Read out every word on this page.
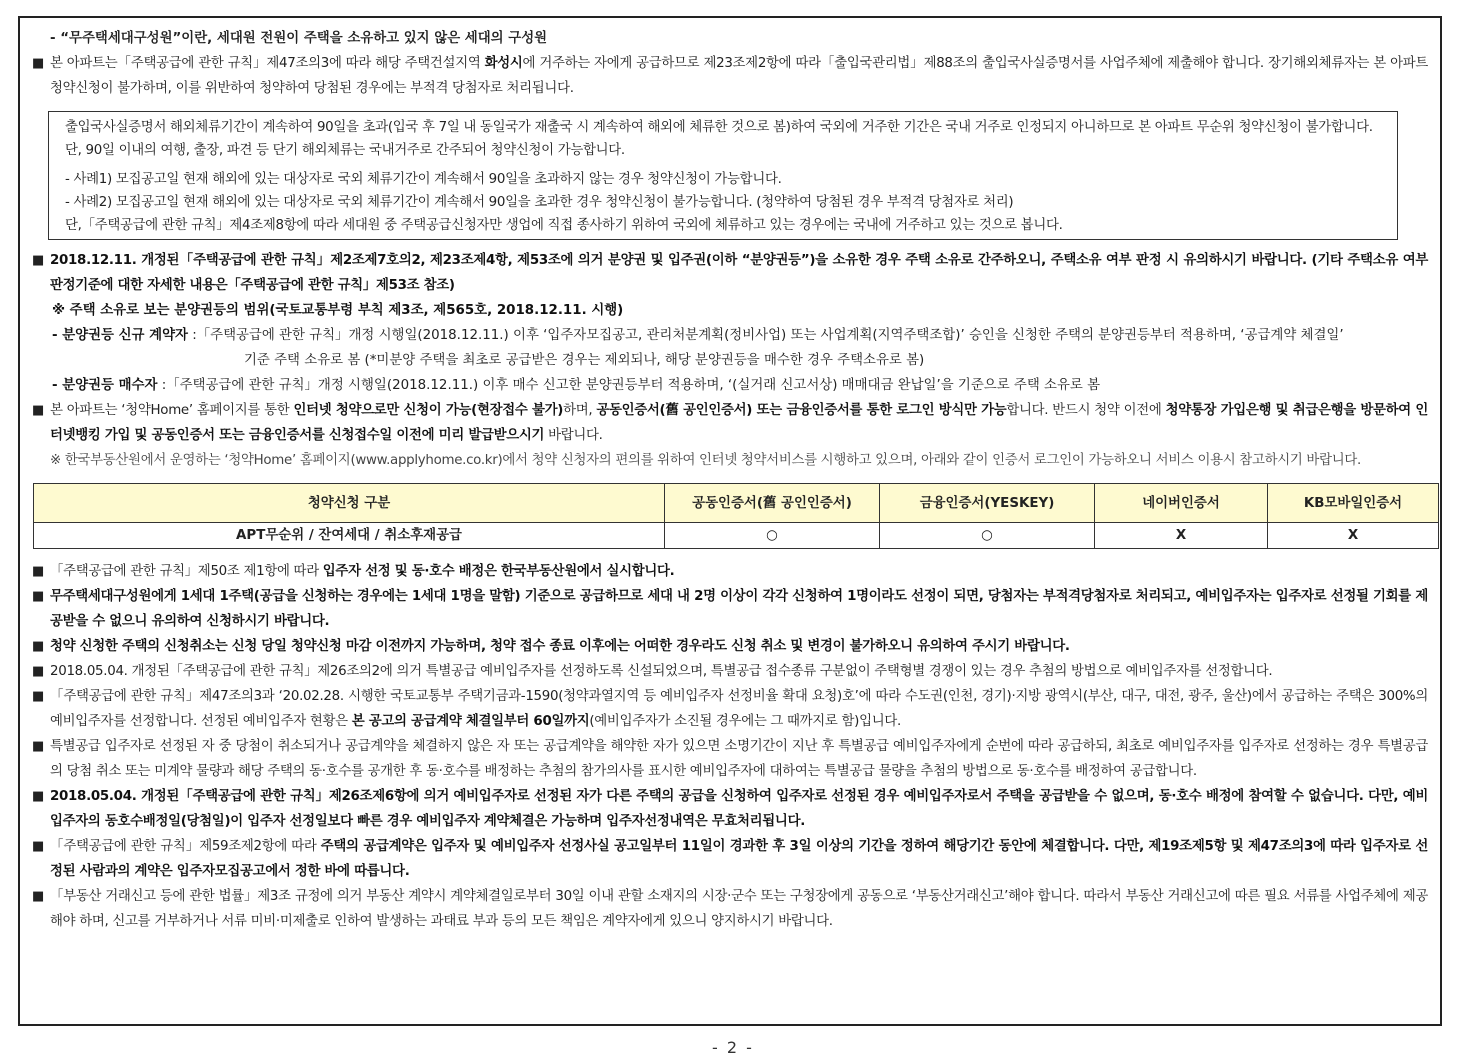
- “무주택세대구성원”이란, 세대원 전원이 주택을 소유하고 있지 않은 세대의 구성원
■ 본 아파트는「주택공급에 관한 규칙」제47조의3에 따라 해당 주택건설지역 화성시에 거주하는 자에게 공급하므로 제23조제2항에 따라「출입국관리법」제88조의 출입국사실증명서를 사업주체에 제출해야 합니다. 장기해외체류자는 본 아파트 청약신청이 불가하며, 이를 위반하여 청약하여 당첨된 경우에는 부적격 당첨자로 처리됩니다.
출입국사실증명서 해외체류기간이 계속하여 90일을 초과(입국 후 7일 내 동일국가 재출국 시 계속하여 해외에 체류한 것으로 봄)하여 국외에 거주한 기간은 국내 거주로 인정되지 아니하므로 본 아파트 무순위 청약신청이 불가합니다. 단, 90일 이내의 여행, 출장, 파견 등 단기 해외체류는 국내거주로 간주되어 청약신청이 가능합니다.
- 사례1) 모집공고일 현재 해외에 있는 대상자로 국외 체류기간이 계속해서 90일을 초과하지 않는 경우 청약신청이 가능합니다.
- 사례2) 모집공고일 현재 해외에 있는 대상자로 국외 체류기간이 계속해서 90일을 초과한 경우 청약신청이 불가능합니다. (청약하여 당첨된 경우 부적격 당첨자로 처리)
단,「주택공급에 관한 규칙」제4조제8항에 따라 세대원 중 주택공급신청자만 생업에 직접 종사하기 위하여 국외에 체류하고 있는 경우에는 국내에 거주하고 있는 것으로 봅니다.
■ 2018.12.11. 개정된「주택공급에 관한 규칙」제2조제7호의2, 제23조제4항, 제53조에 의거 분양권 및 입주권(이하 “분양권등”)을 소유한 경우 주택 소유로 간주하오니, 주택소유 여부 판정 시 유의하시기 바랍니다. (기타 주택소유 여부 판정기준에 대한 자세한 내용은「주택공급에 관한 규칙」제53조 참조)
※ 주택 소유로 보는 분양권등의 범위(국토교통부령 부칙 제3조, 제565호, 2018.12.11. 시행)
- 분양권등 신규 계약자 :「주택공급에 관한 규칙」개정 시행일(2018.12.11.) 이후 ‘입주자모집공고, 관리처분계획(정비사업) 또는 사업계획(지역주택조합)’ 승인을 신청한 주택의 분양권등부터 적용하며, ‘공급계약 체결일’
기준 주택 소유로 봄 (*미분양 주택을 최초로 공급받은 경우는 제외되나, 해당 분양권등을 매수한 경우 주택소유로 봄)
- 분양권등 매수자 :「주택공급에 관한 규칙」개정 시행일(2018.12.11.) 이후 매수 신고한 분양권등부터 적용하며, ‘(실거래 신고서상) 매매대금 완납일’을 기준으로 주택 소유로 봄
■ 본 아파트는 ‘청약Home’ 홈페이지를 통한 인터넷 청약으로만 신청이 가능(현장접수 불가)하며, 공동인증서(舊 공인인증서) 또는 금융인증서를 통한 로그인 방식만 가능합니다. 반드시 청약 이전에 청약통장 가입은행 및 취급은행을 방문하여 인터넷뱅킹 가입 및 공동인증서 또는 금융인증서를 신청접수일 이전에 미리 발급받으시기 바랍니다.
※ 한국부동산원에서 운영하는 ‘청약Home’ 홈페이지(www.applyhome.co.kr)에서 청약 신청자의 편의를 위하여 인터넷 청약서비스를 시행하고 있으며, 아래와 같이 인증서 로그인이 가능하오니 서비스 이용시 참고하시기 바랍니다.
청약신청 구분	공동인증서(舊 공인인증서)	금융인증서(YESKEY)	네이버인증서	KB모바일인증서
APT무순위 / 잔여세대 / 취소후재공급	○	○	X	X
■ 「주택공급에 관한 규칙」제50조 제1항에 따라 입주자 선정 및 동·호수 배정은 한국부동산원에서 실시합니다.
■ 무주택세대구성원에게 1세대 1주택(공급을 신청하는 경우에는 1세대 1명을 말함) 기준으로 공급하므로 세대 내 2명 이상이 각각 신청하여 1명이라도 선정이 되면, 당첨자는 부적격당첨자로 처리되고, 예비입주자는 입주자로 선정될 기회를 제공받을 수 없으니 유의하여 신청하시기 바랍니다.
■ 청약 신청한 주택의 신청취소는 신청 당일 청약신청 마감 이전까지 가능하며, 청약 접수 종료 이후에는 어떠한 경우라도 신청 취소 및 변경이 불가하오니 유의하여 주시기 바랍니다.
■ 2018.05.04. 개정된「주택공급에 관한 규칙」제26조의2에 의거 특별공급 예비입주자를 선정하도록 신설되었으며, 특별공급 접수종류 구분없이 주택형별 경쟁이 있는 경우 추첨의 방법으로 예비입주자를 선정합니다.
■ 「주택공급에 관한 규칙」제47조의3과 ‘20.02.28. 시행한 국토교통부 주택기금과-1590(청약과열지역 등 예비입주자 선정비율 확대 요청)호’에 따라 수도권(인천, 경기)·지방 광역시(부산, 대구, 대전, 광주, 울산)에서 공급하는 주택은 300%의 예비입주자를 선정합니다. 선정된 예비입주자 현황은 본 공고의 공급계약 체결일부터 60일까지(예비입주자가 소진될 경우에는 그 때까지로 함)입니다.
■ 특별공급 입주자로 선정된 자 중 당첨이 취소되거나 공급계약을 체결하지 않은 자 또는 공급계약을 해약한 자가 있으면 소명기간이 지난 후 특별공급 예비입주자에게 순번에 따라 공급하되, 최초로 예비입주자를 입주자로 선정하는 경우 특별공급의 당첨 취소 또는 미계약 물량과 해당 주택의 동·호수를 공개한 후 동·호수를 배정하는 추첨의 참가의사를 표시한 예비입주자에 대하여는 특별공급 물량을 추첨의 방법으로 동·호수를 배정하여 공급합니다.
■ 2018.05.04. 개정된「주택공급에 관한 규칙」제26조제6항에 의거 예비입주자로 선정된 자가 다른 주택의 공급을 신청하여 입주자로 선정된 경우 예비입주자로서 주택을 공급받을 수 없으며, 동·호수 배정에 참여할 수 없습니다. 다만, 예비입주자의 동호수배정일(당첨일)이 입주자 선정일보다 빠른 경우 예비입주자 계약체결은 가능하며 입주자선정내역은 무효처리됩니다.
■ 「주택공급에 관한 규칙」제59조제2항에 따라 주택의 공급계약은 입주자 및 예비입주자 선정사실 공고일부터 11일이 경과한 후 3일 이상의 기간을 정하여 해당기간 동안에 체결합니다. 다만, 제19조제5항 및 제47조의3에 따라 입주자로 선정된 사람과의 계약은 입주자모집공고에서 정한 바에 따릅니다.
■ 「부동산 거래신고 등에 관한 법률」제3조 규정에 의거 부동산 계약시 계약체결일로부터 30일 이내 관할 소재지의 시장·군수 또는 구청장에게 공동으로 ‘부동산거래신고’해야 합니다. 따라서 부동산 거래신고에 따른 필요 서류를 사업주체에 제공해야 하며, 신고를 거부하거나 서류 미비·미제출로 인하여 발생하는 과태료 부과 등의 모든 책임은 계약자에게 있으니 양지하시기 바랍니다.
- 2 -
